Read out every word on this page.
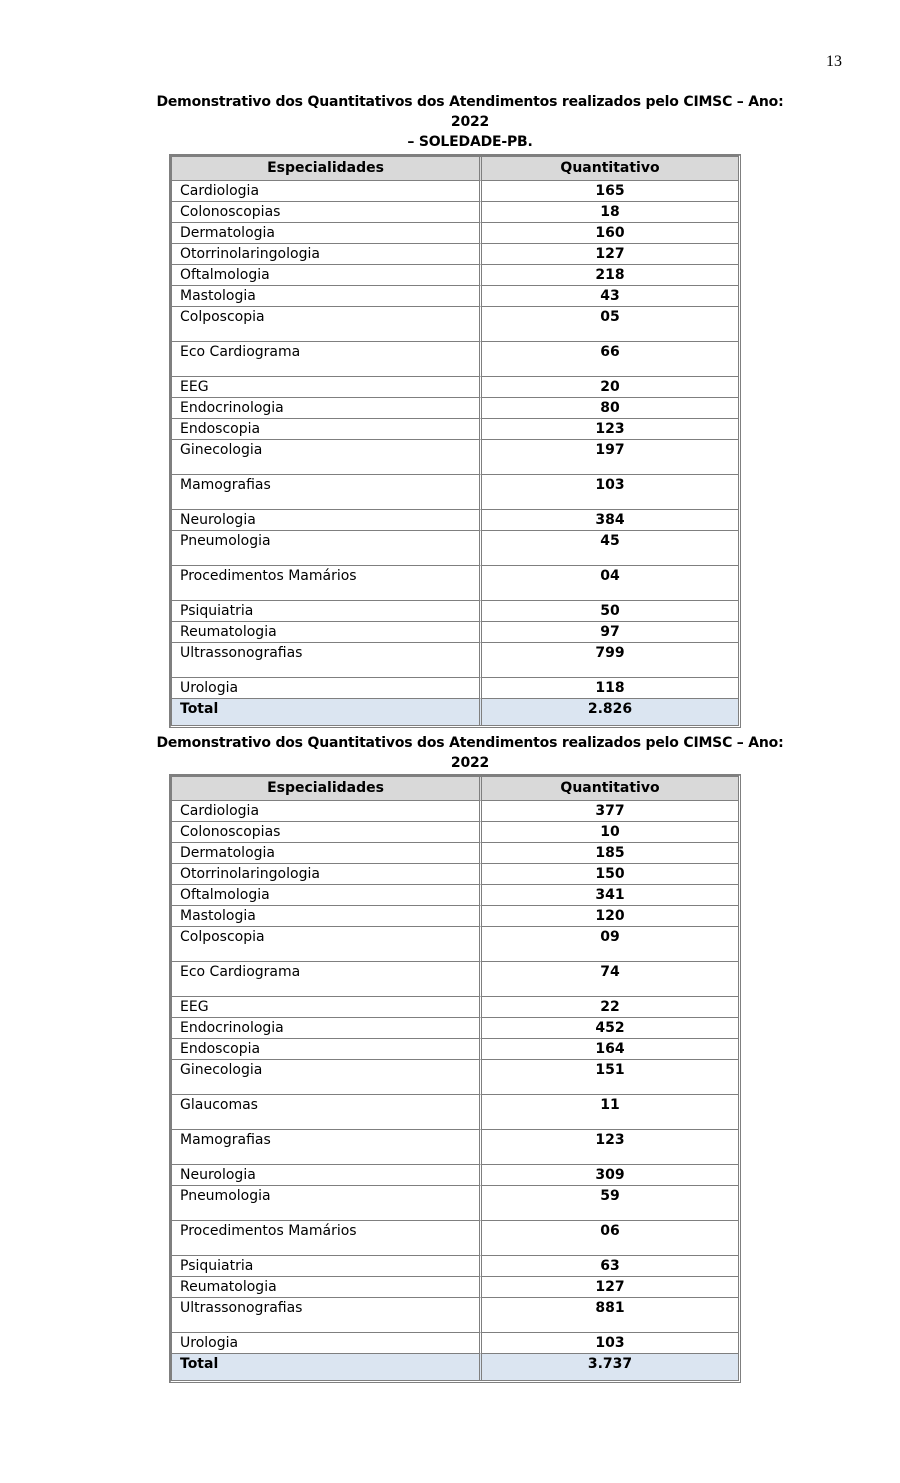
13
Demonstrativo dos Quantitativos dos Atendimentos realizados pelo CIMSC – Ano: 2022
– SOLEDADE-PB.
Especialidades	Quantitativo
Cardiologia	165
Colonoscopias	18
Dermatologia	160
Otorrinolaringologia	127
Oftalmologia	218
Mastologia	43
Colposcopia	05
Eco Cardiograma	66
EEG	20
Endocrinologia	80
Endoscopia	123
Ginecologia	197
Mamografias	103
Neurologia	384
Pneumologia	45
Procedimentos Mamários	04
Psiquiatria	50
Reumatologia	97
Ultrassonografias	799
Urologia	118
Total	2.826
Demonstrativo dos Quantitativos dos Atendimentos realizados pelo CIMSC – Ano: 2022
Especialidades	Quantitativo
Cardiologia	377
Colonoscopias	10
Dermatologia	185
Otorrinolaringologia	150
Oftalmologia	341
Mastologia	120
Colposcopia	09
Eco Cardiograma	74
EEG	22
Endocrinologia	452
Endoscopia	164
Ginecologia	151
Glaucomas	11
Mamografias	123
Neurologia	309
Pneumologia	59
Procedimentos Mamários	06
Psiquiatria	63
Reumatologia	127
Ultrassonografias	881
Urologia	103
Total	3.737
